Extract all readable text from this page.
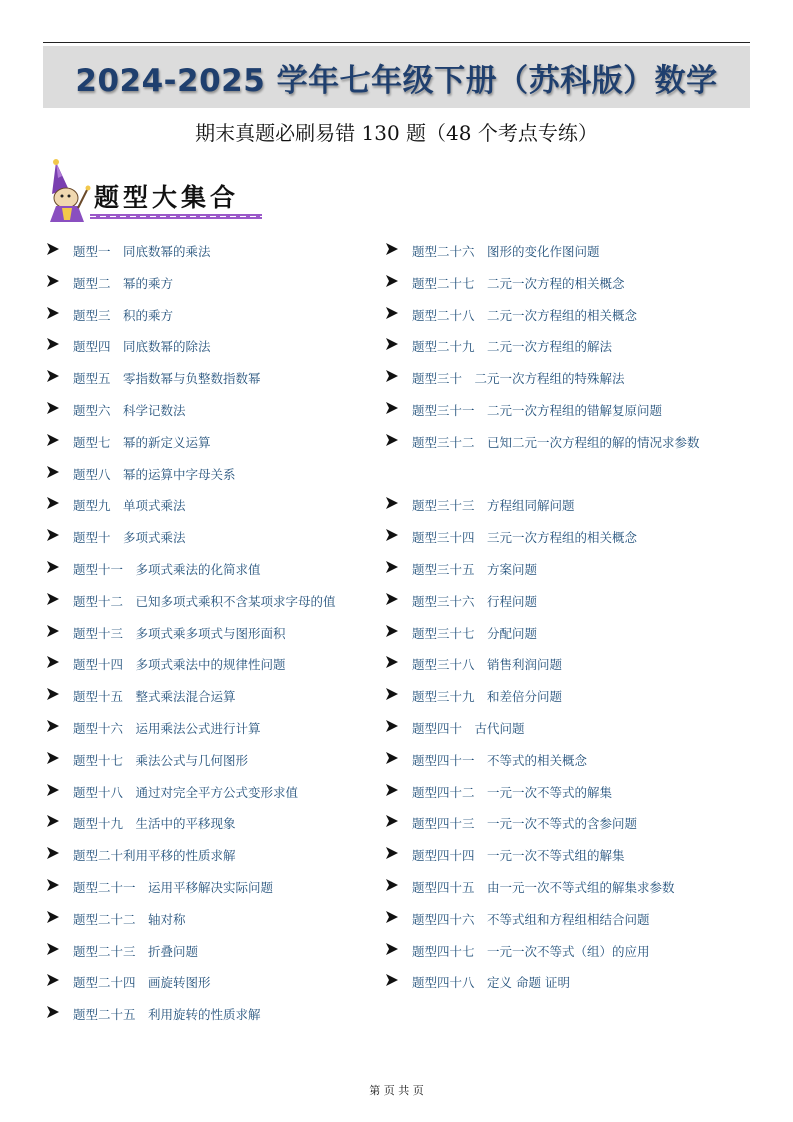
2024-2025 学年七年级下册（苏科版）数学
期末真题必刷易错 130 题（48 个考点专练）
题型大集合
题型一　同底数幂的乘法
题型二　幂的乘方
题型三　积的乘方
题型四　同底数幂的除法
题型五　零指数幂与负整数指数幂
题型六　科学记数法
题型七　幂的新定义运算
题型八　幂的运算中字母关系
题型九　单项式乘法
题型十　多项式乘法
题型十一　多项式乘法的化简求值
题型十二　已知多项式乘积不含某项求字母的值
题型十三　多项式乘多项式与图形面积
题型十四　多项式乘法中的规律性问题
题型十五　整式乘法混合运算
题型十六　运用乘法公式进行计算
题型十七　乘法公式与几何图形
题型十八　通过对完全平方公式变形求值
题型十九　生活中的平移现象
题型二十利用平移的性质求解
题型二十一　运用平移解决实际问题
题型二十二　轴对称
题型二十三　折叠问题
题型二十四　画旋转图形
题型二十五　利用旋转的性质求解
题型二十六　图形的变化作图问题
题型二十七　二元一次方程的相关概念
题型二十八　二元一次方程组的相关概念
题型二十九　二元一次方程组的解法
题型三十　二元一次方程组的特殊解法
题型三十一　二元一次方程组的错解复原问题
题型三十二　已知二元一次方程组的解的情况求参数
题型三十三　方程组同解问题
题型三十四　三元一次方程组的相关概念
题型三十五　方案问题
题型三十六　行程问题
题型三十七　分配问题
题型三十八　销售利润问题
题型三十九　和差倍分问题
题型四十　古代问题
题型四十一　不等式的相关概念
题型四十二　一元一次不等式的解集
题型四十三　一元一次不等式的含参问题
题型四十四　一元一次不等式组的解集
题型四十五　由一元一次不等式组的解集求参数
题型四十六　不等式组和方程组相结合问题
题型四十七　一元一次不等式（组）的应用
题型四十八　定义 命题 证明
第 页 共 页
